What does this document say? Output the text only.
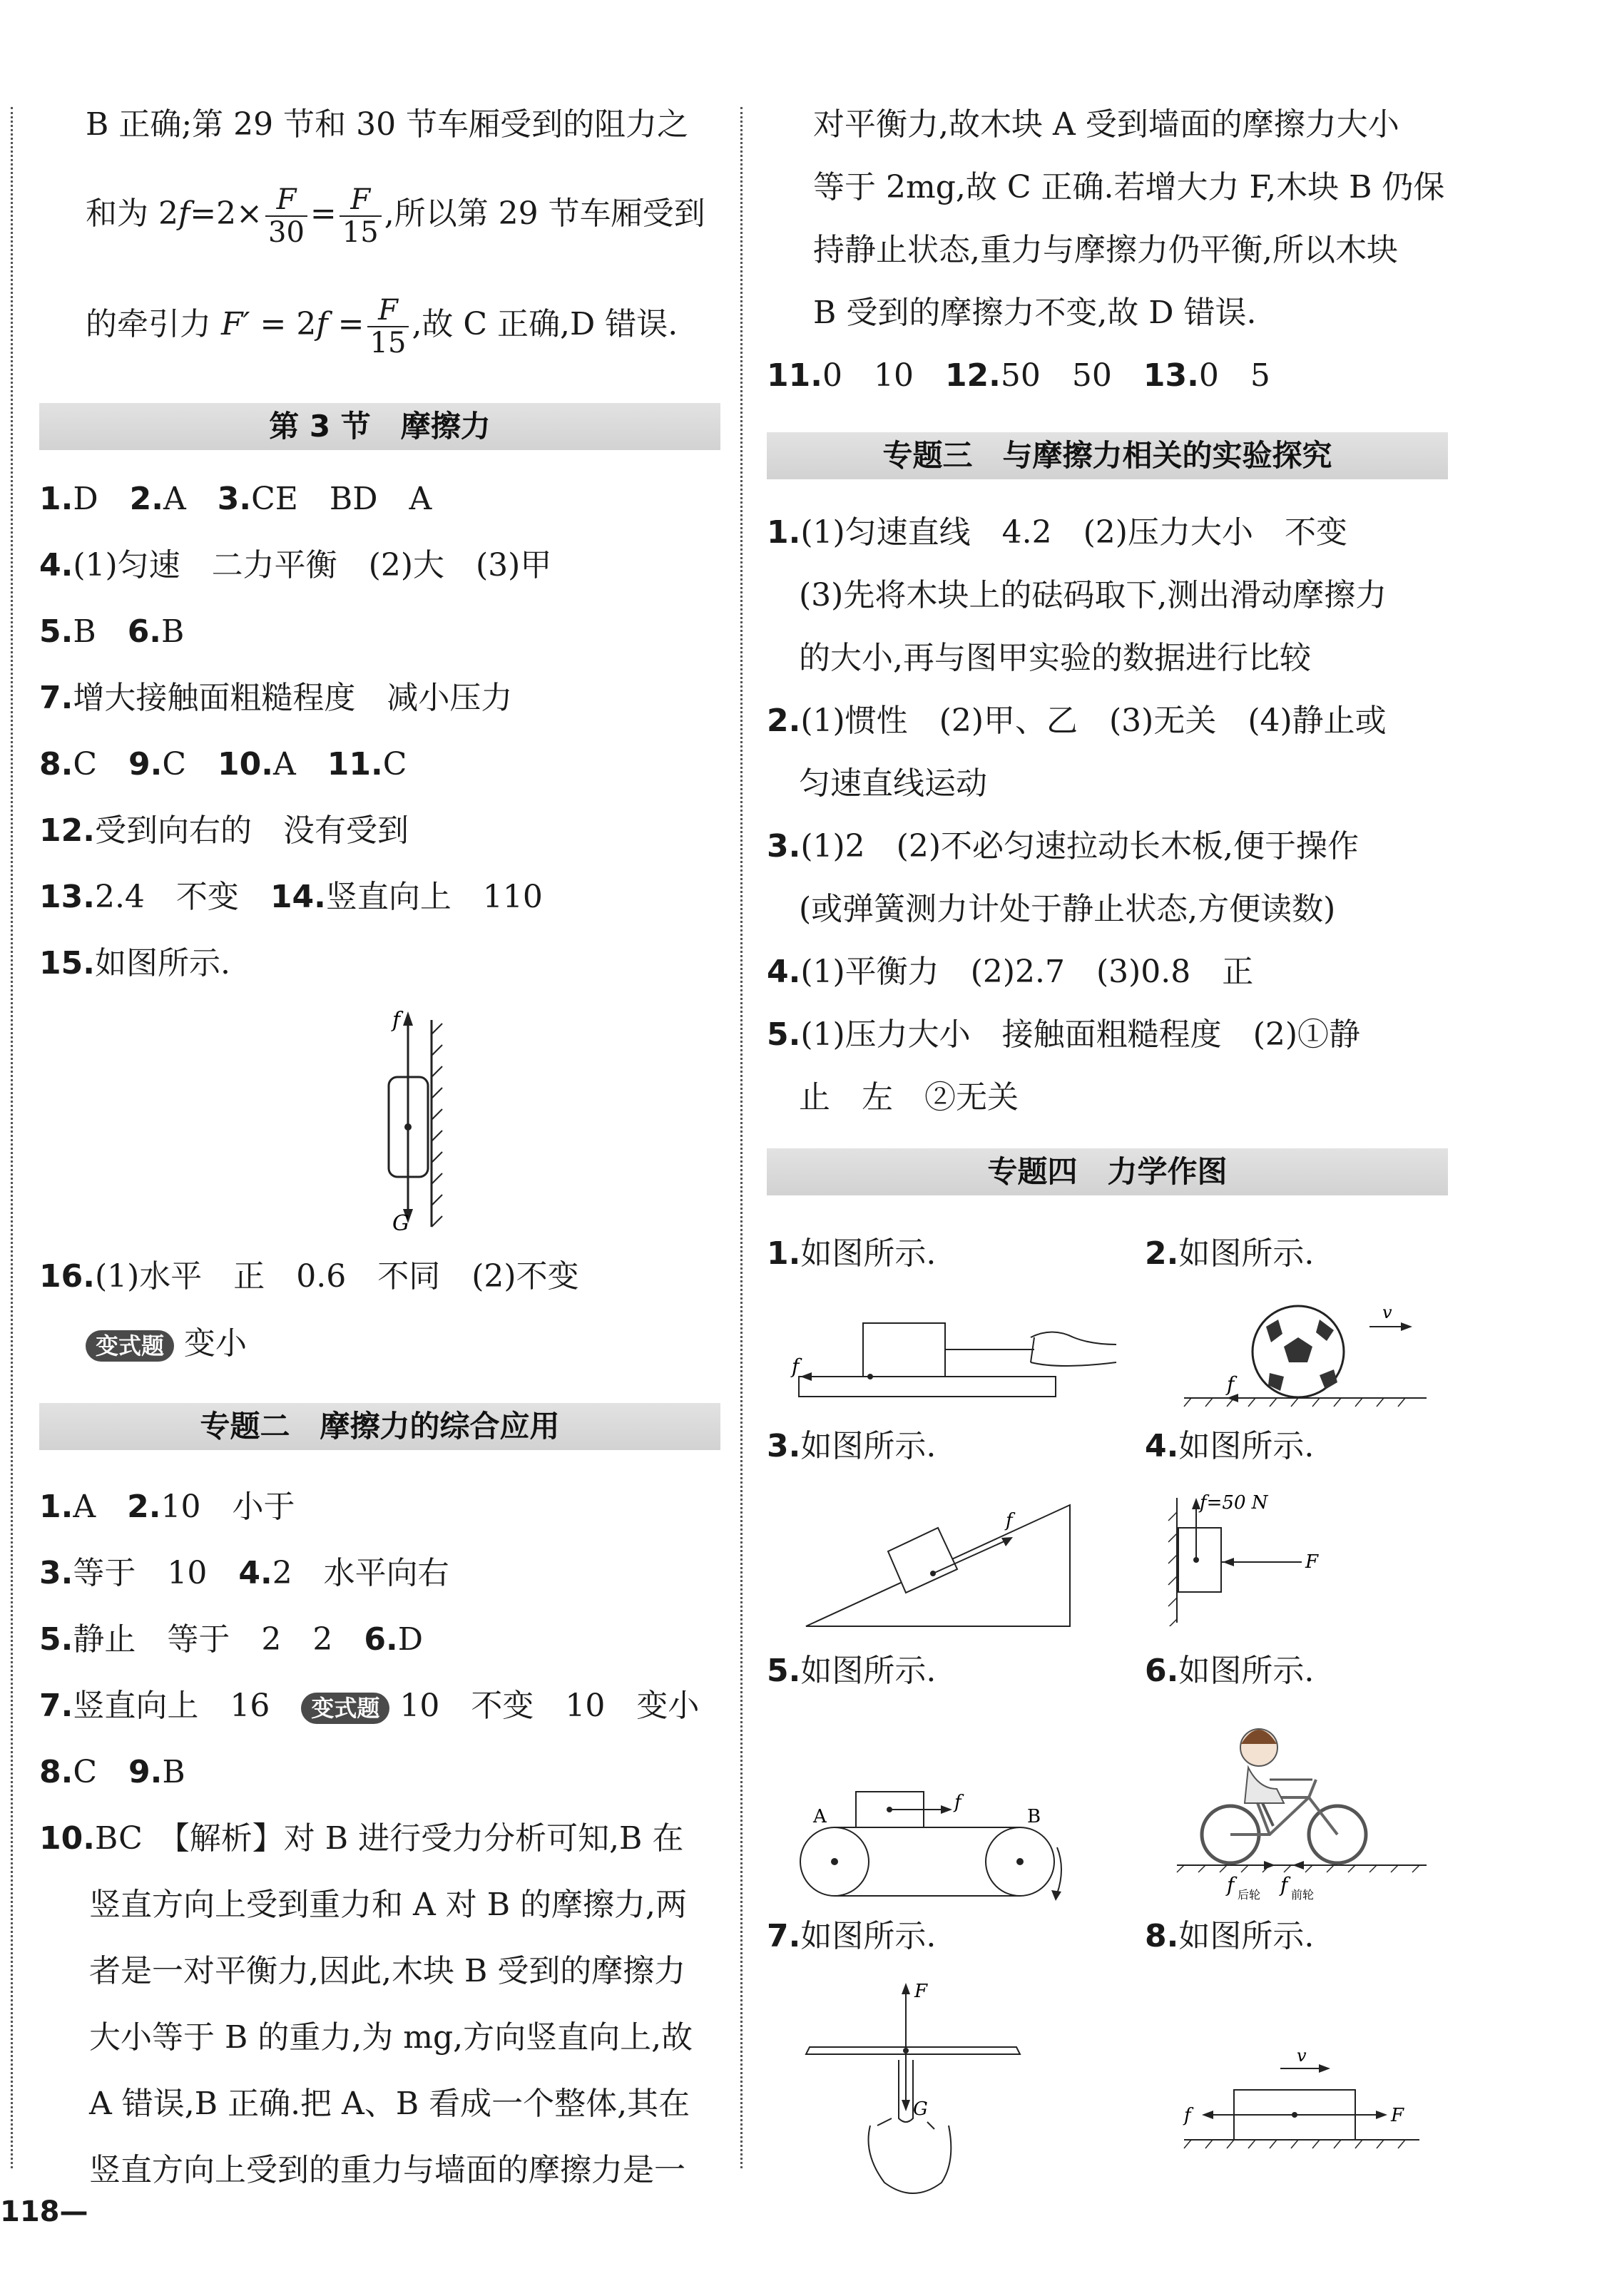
B 正确;第 29 节和 30 节车厢受到的阻力之
和为 $2f=2\times \frac{F}{30} = \frac{F}{15}$ ,所以第 29 节车厢受到
的牵引力 $F' = 2f = \frac{F}{15}$ ,故 C 正确,D 错误.
第 3 节　摩擦力
1.D　2.A　3.CE　BD　A
4.(1)匀速　二力平衡　(2)大　(3)甲
5.B　6.B
7.增大接触面粗糙程度　减小压力
8.C　9.C　10.A　11.C
12.受到向右的　没有受到
13.2.4　不变　14.竖直向上　110
15.如图所示.
f
G
16.(1)水平　正　0.6　不同　(2)不变
变式题 变小
专题二　摩擦力的综合应用
1.A　2.10　小于
3.等于　10　4.2　水平向右
5.静止　等于　2　2　6.D
7.竖直向上　16　变式题 10　不变　10　变小
8.C　9.B
10.BC　【解析】对 B 进行受力分析可知,B 在
竖直方向上受到重力和 A 对 B 的摩擦力,两
者是一对平衡力,因此,木块 B 受到的摩擦力
大小等于 B 的重力,为 mg,方向竖直向上,故
A 错误,B 正确.把 A、B 看成一个整体,其在
竖直方向上受到的重力与墙面的摩擦力是一
118—
对平衡力,故木块 A 受到墙面的摩擦力大小
等于 2mg,故 C 正确.若增大力 F,木块 B 仍保
持静止状态,重力与摩擦力仍平衡,所以木块
B 受到的摩擦力不变,故 D 错误.
11.0　10　12.50　50　13.0　5
专题三　与摩擦力相关的实验探究
1.(1)匀速直线　4.2　(2)压力大小　不变
(3)先将木块上的砝码取下,测出滑动摩擦力
的大小,再与图甲实验的数据进行比较
2.(1)惯性　(2)甲、乙　(3)无关　(4)静止或
匀速直线运动
3.(1)2　(2)不必匀速拉动长木板,便于操作
(或弹簧测力计处于静止状态,方便读数)
4.(1)平衡力　(2)2.7　(3)0.8　正
5.(1)压力大小　接触面粗糙程度　(2)①静
止　左　②无关
专题四　力学作图
1.如图所示.	2.如图所示.
f
f
v
3.如图所示.	4.如图所示.
f
f=50 N
F
5.如图所示.	6.如图所示.
f
A	B
f 后轮 f 前轮
7.如图所示.	8.如图所示.
F
G
v
f	F
